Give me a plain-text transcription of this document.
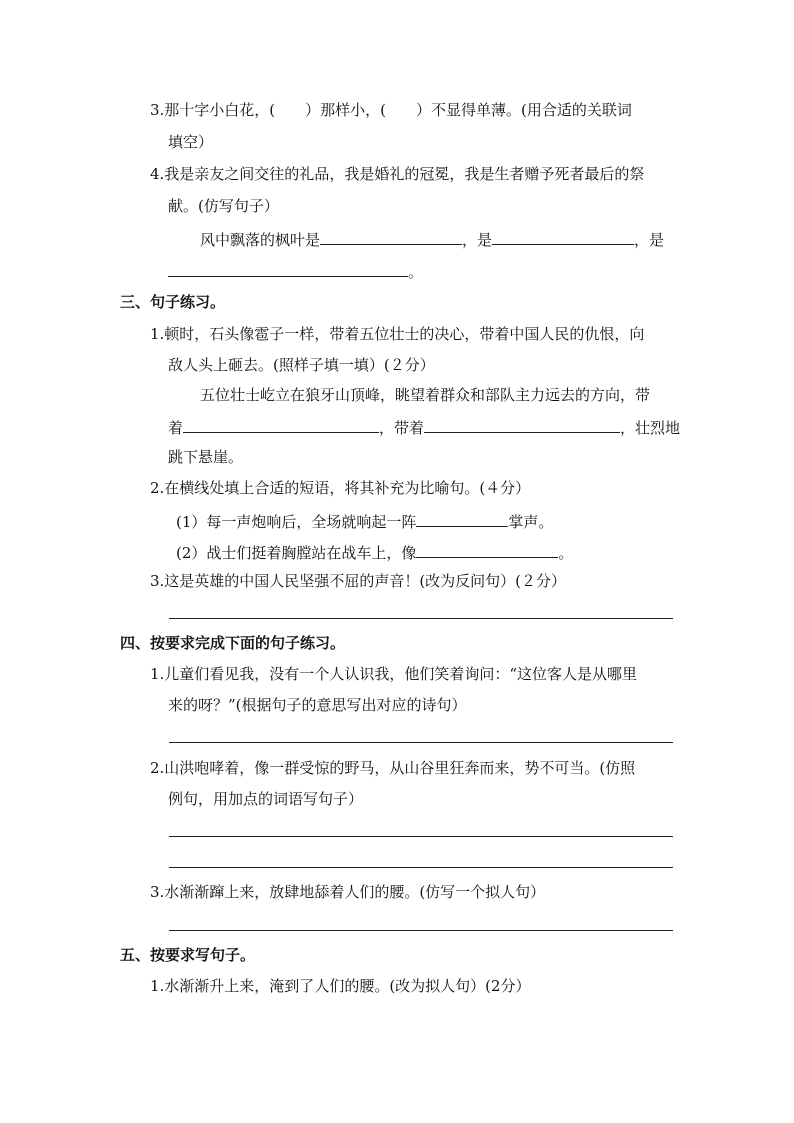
3.那十字小白花，(　　）那样小，(　　）不显得单薄。(用合适的关联词
填空）
4.我是亲友之间交往的礼品，我是婚礼的冠冕，我是生者赠予死者最后的祭
献。(仿写句子）
风中飘落的枫叶是	，是	，是
。
三、句子练习。
1.顿时，石头像雹子一样，带着五位壮士的决心，带着中国人民的仇恨，向
敌人头上砸去。(照样子填一填）(２分）
五位壮士屹立在狼牙山顶峰，眺望着群众和部队主力远去的方向，带
着	，带着	，壮烈地
跳下悬崖。
2.在横线处填上合适的短语，将其补充为比喻句。(４分）
(1）每一声炮响后，全场就响起一阵	掌声。
(2）战士们挺着胸膛站在战车上，像	。
3.这是英雄的中国人民坚强不屈的声音！(改为反问句）(２分）
四、按要求完成下面的句子练习。
1.儿童们看见我，没有一个人认识我，他们笑着询问：“这位客人是从哪里
来的呀？”(根据句子的意思写出对应的诗句）
2.山洪咆哮着，像一群受惊的野马，从山谷里狂奔而来，势不可当。(仿照
例句，用加点的词语写句子）
3.水渐渐蹿上来，放肆地舔着人们的腰。(仿写一个拟人句）
五、按要求写句子。
1.水渐渐升上来，淹到了人们的腰。(改为拟人句）(2分）
